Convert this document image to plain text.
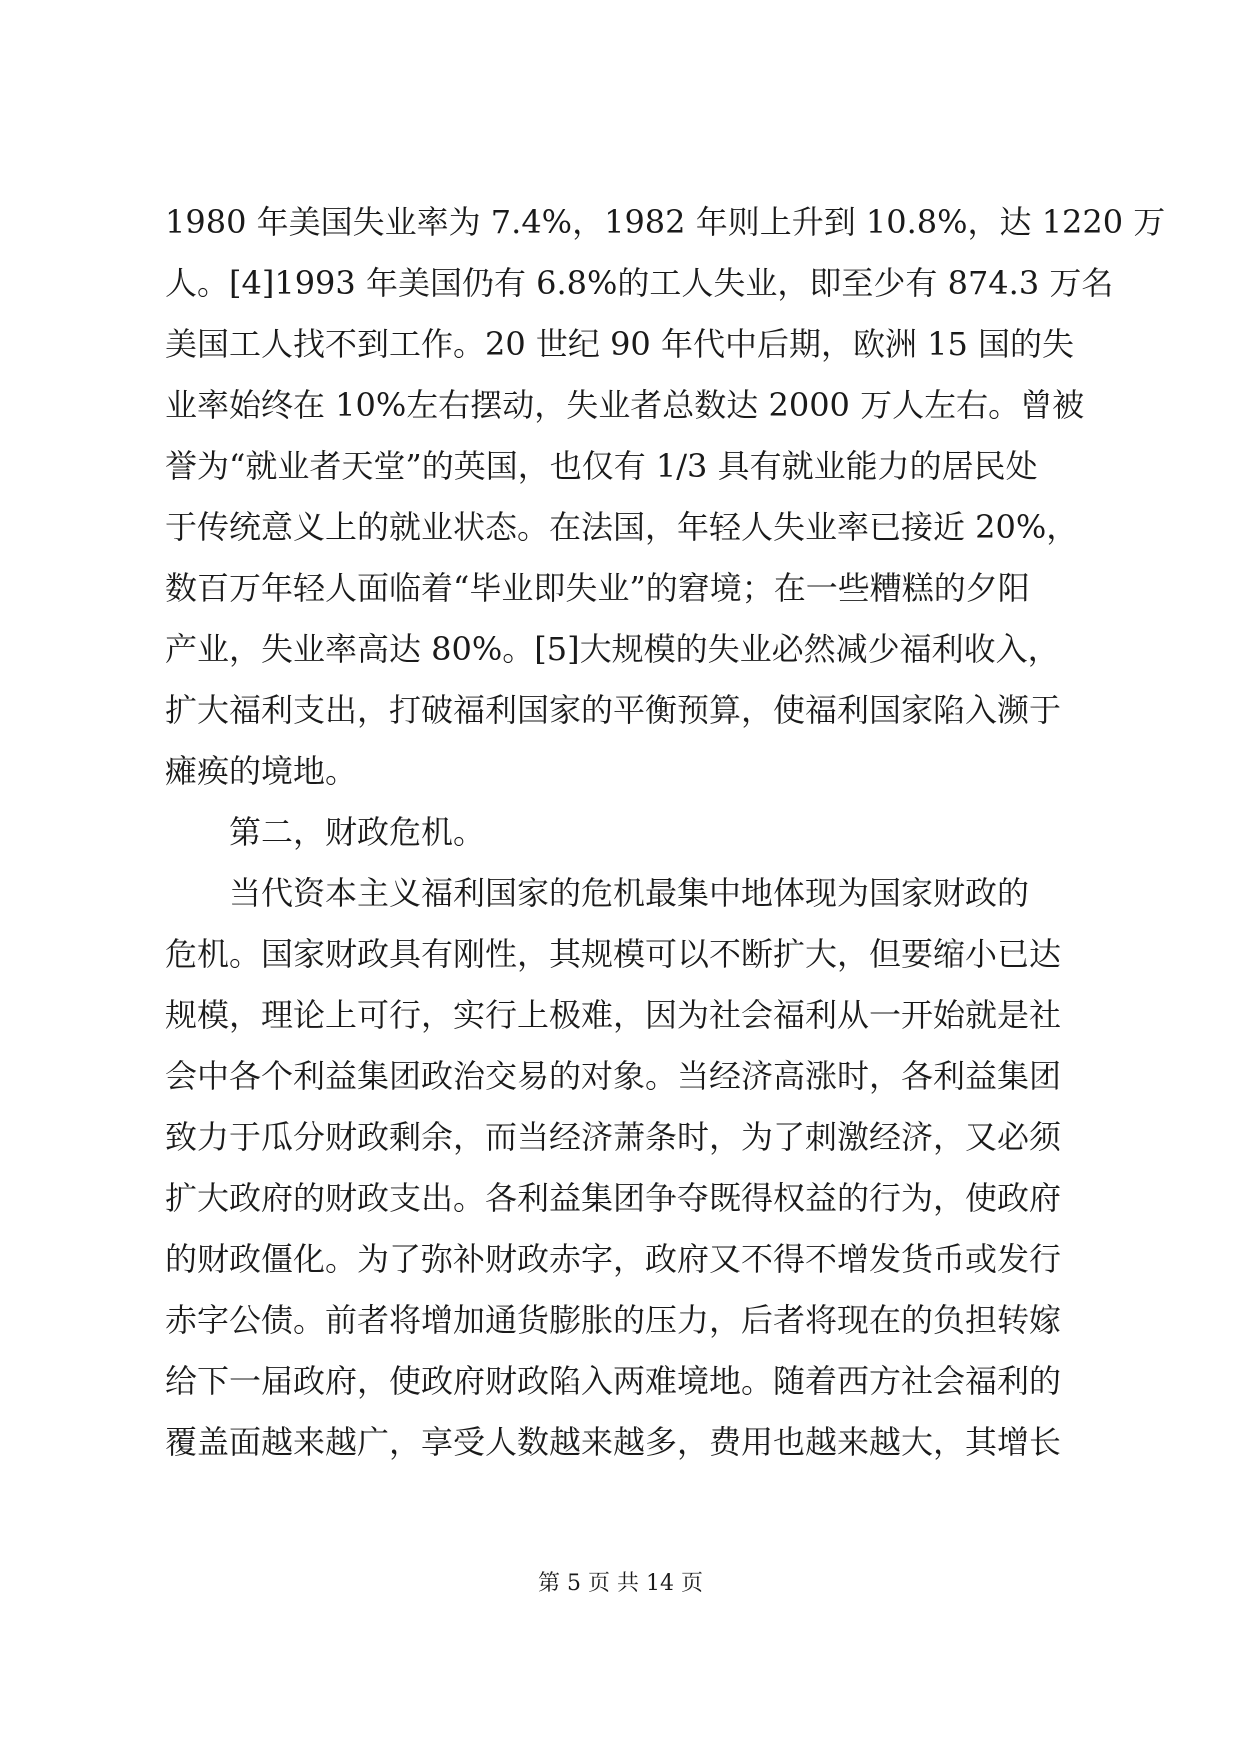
1980 年美国失业率为 7.4%，1982 年则上升到 10.8%，达 1220 万
人。[4]1993 年美国仍有 6.8%的工人失业，即至少有 874.3 万名
美国工人找不到工作。20 世纪 90 年代中后期，欧洲 15 国的失
业率始终在 10%左右摆动，失业者总数达 2000 万人左右。曾被
誉为“就业者天堂”的英国，也仅有 1/3 具有就业能力的居民处
于传统意义上的就业状态。在法国，年轻人失业率已接近 20%，
数百万年轻人面临着“毕业即失业”的窘境；在一些糟糕的夕阳
产业，失业率高达 80%。[5]大规模的失业必然减少福利收入，
扩大福利支出，打破福利国家的平衡预算，使福利国家陷入濒于
瘫痪的境地。
　　第二，财政危机。
　　当代资本主义福利国家的危机最集中地体现为国家财政的
危机。国家财政具有刚性，其规模可以不断扩大，但要缩小已达
规模，理论上可行，实行上极难，因为社会福利从一开始就是社
会中各个利益集团政治交易的对象。当经济高涨时，各利益集团
致力于瓜分财政剩余，而当经济萧条时，为了刺激经济，又必须
扩大政府的财政支出。各利益集团争夺既得权益的行为，使政府
的财政僵化。为了弥补财政赤字，政府又不得不增发货币或发行
赤字公债。前者将增加通货膨胀的压力，后者将现在的负担转嫁
给下一届政府，使政府财政陷入两难境地。随着西方社会福利的
覆盖面越来越广，享受人数越来越多，费用也越来越大，其增长
第 5 页 共 14 页
